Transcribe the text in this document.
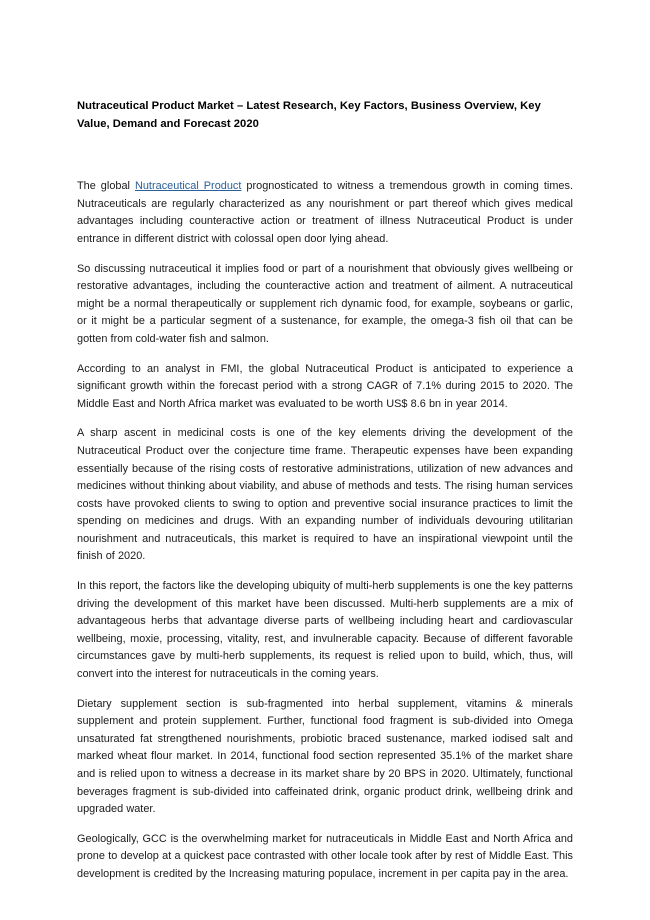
Nutraceutical Product Market – Latest Research, Key Factors, Business Overview, Key Value, Demand and Forecast 2020

The global Nutraceutical Product prognosticated to witness a tremendous growth in coming times. Nutraceuticals are regularly characterized as any nourishment or part thereof which gives medical advantages including counteractive action or treatment of illness Nutraceutical Product is under entrance in different district with colossal open door lying ahead.

So discussing nutraceutical it implies food or part of a nourishment that obviously gives wellbeing or restorative advantages, including the counteractive action and treatment of ailment. A nutraceutical might be a normal therapeutically or supplement rich dynamic food, for example, soybeans or garlic, or it might be a particular segment of a sustenance, for example, the omega-3 fish oil that can be gotten from cold-water fish and salmon.

According to an analyst in FMI, the global Nutraceutical Product is anticipated to experience a significant growth within the forecast period with a strong CAGR of 7.1% during 2015 to 2020. The Middle East and North Africa market was evaluated to be worth US$ 8.6 bn in year 2014.

A sharp ascent in medicinal costs is one of the key elements driving the development of the Nutraceutical Product over the conjecture time frame. Therapeutic expenses have been expanding essentially because of the rising costs of restorative administrations, utilization of new advances and medicines without thinking about viability, and abuse of methods and tests. The rising human services costs have provoked clients to swing to option and preventive social insurance practices to limit the spending on medicines and drugs. With an expanding number of individuals devouring utilitarian nourishment and nutraceuticals, this market is required to have an inspirational viewpoint until the finish of 2020.

In this report, the factors like the developing ubiquity of multi-herb supplements is one the key patterns driving the development of this market have been discussed. Multi-herb supplements are a mix of advantageous herbs that advantage diverse parts of wellbeing including heart and cardiovascular wellbeing, moxie, processing, vitality, rest, and invulnerable capacity. Because of different favorable circumstances gave by multi-herb supplements, its request is relied upon to build, which, thus, will convert into the interest for nutraceuticals in the coming years.

Dietary supplement section is sub-fragmented into herbal supplement, vitamins & minerals supplement and protein supplement. Further, functional food fragment is sub-divided into Omega unsaturated fat strengthened nourishments, probiotic braced sustenance, marked iodised salt and marked wheat flour market. In 2014, functional food section represented 35.1% of the market share and is relied upon to witness a decrease in its market share by 20 BPS in 2020. Ultimately, functional beverages fragment is sub-divided into caffeinated drink, organic product drink, wellbeing drink and upgraded water.

Geologically, GCC is the overwhelming market for nutraceuticals in Middle East and North Africa and prone to develop at a quickest pace contrasted with other locale took after by rest of Middle East. This development is credited by the Increasing maturing populace, increment in per capita pay in the area.
